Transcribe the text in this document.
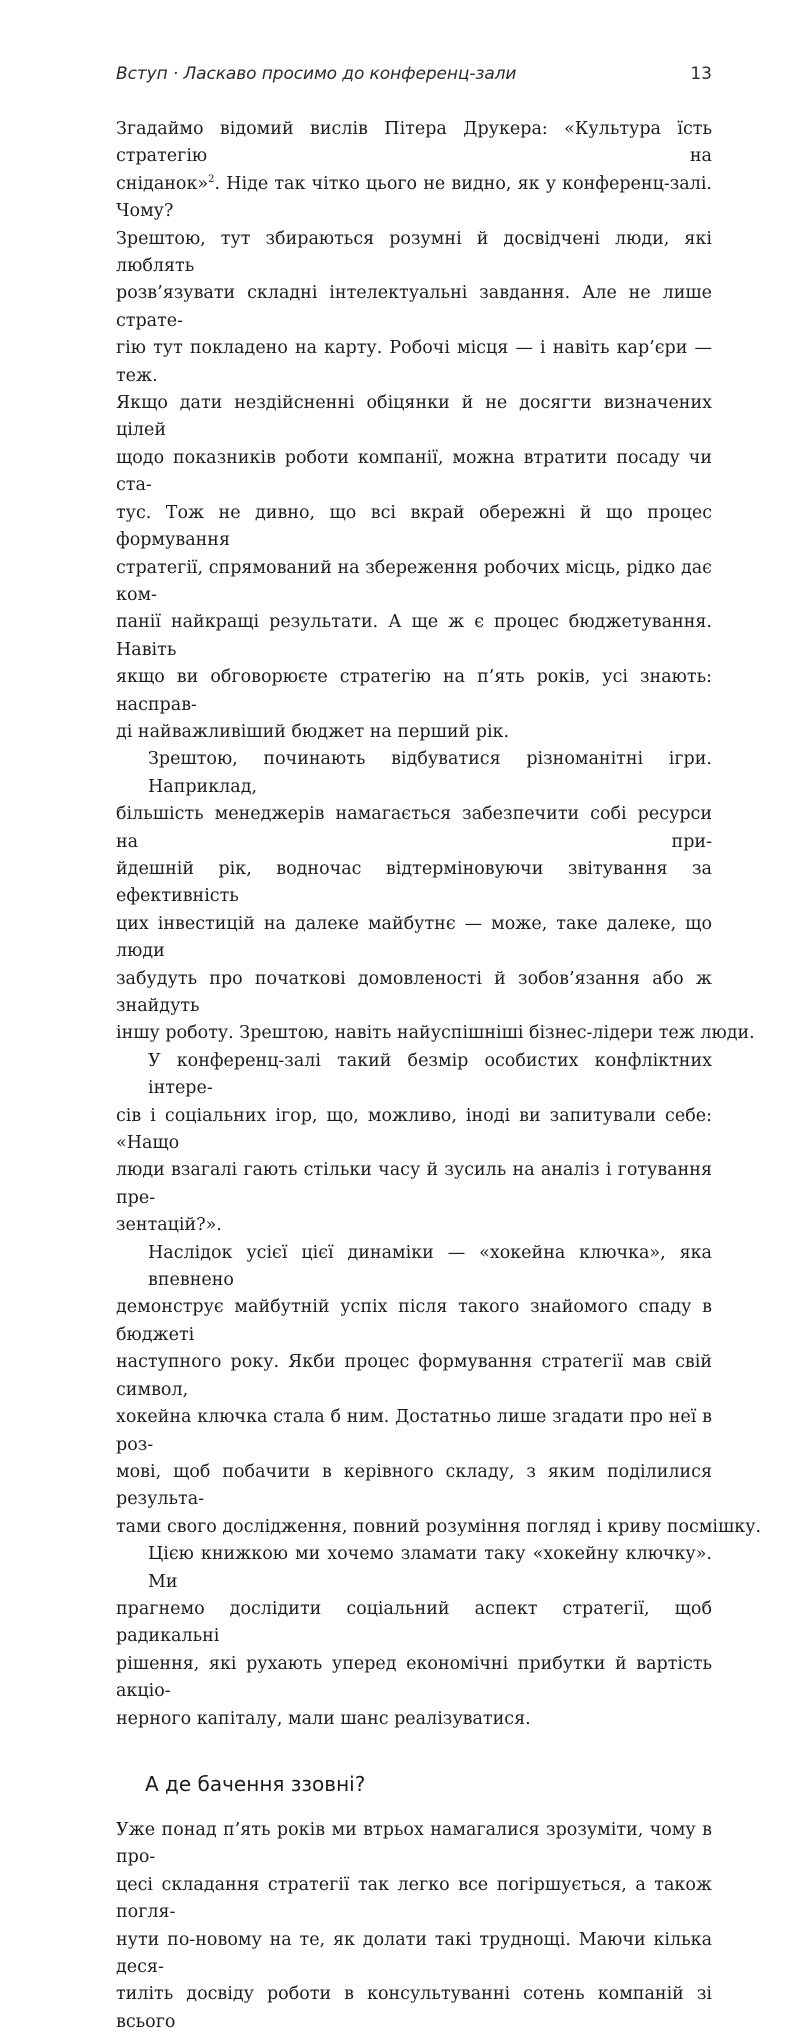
Вступ · Ласкаво просимо до конференц-зали	13

Згадаймо відомий вислів Пітера Друкера: «Культура їсть стратегію на
сніданок»$^2$. Ніде так чітко цього не видно, як у конференц-залі. Чому?
Зрештою, тут збираються розумні й досвідчені люди, які люблять
розв’язувати складні інтелектуальні завдання. Але не лише страте-
гію тут покладено на карту. Робочі місця — і навіть кар’єри — теж.
Якщо дати нездійсненні обіцянки й не досягти визначених цілей
щодо показників роботи компанії, можна втратити посаду чи ста-
тус. Тож не дивно, що всі вкрай обережні й що процес формування
стратегії, спрямований на збереження робочих місць, рідко дає ком-
панії найкращі результати. А ще ж є процес бюджетування. Навіть
якщо ви обговорюєте стратегію на п’ять років, усі знають: насправ-
ді найважливіший бюджет на перший рік.

Зрештою, починають відбуватися різноманітні ігри. Наприклад,
більшість менеджерів намагається забезпечити собі ресурси на при-
йдешній рік, водночас відтерміновуючи звітування за ефективність
цих інвестицій на далеке майбутнє — може, таке далеке, що люди
забудуть про початкові домовленості й зобов’язання або ж знайдуть
іншу роботу. Зрештою, навіть найуспішніші бізнес-лідери теж люди.

У конференц-залі такий безмір особистих конфліктних інтере-
сів і соціальних ігор, що, можливо, іноді ви запитували себе: «Нащо
люди взагалі гають стільки часу й зусиль на аналіз і готування пре-
зентацій?».

Наслідок усієї цієї динаміки — «хокейна ключка», яка впевнено
демонструє майбутній успіх після такого знайомого спаду в бюджеті
наступного року. Якби процес формування стратегії мав свій символ,
хокейна ключка стала б ним. Достатньо лише згадати про неї в роз-
мові, щоб побачити в керівного складу, з яким поділилися результа-
тами свого дослідження, повний розуміння погляд і криву посмішку.

Цією книжкою ми хочемо зламати таку «хокейну ключку». Ми
прагнемо дослідити соціальний аспект стратегії, щоб радикальні
рішення, які рухають уперед економічні прибутки й вартість акціо-
нерного капіталу, мали шанс реалізуватися.

А де бачення ззовні?

Уже понад п’ять років ми втрьох намагалися зрозуміти, чому в про-
цесі складання стратегії так легко все погіршується, а також погля-
нути по-новому на те, як долати такі труднощі. Маючи кілька деся-
тиліть досвіду роботи в консультуванні сотень компаній зі всього
